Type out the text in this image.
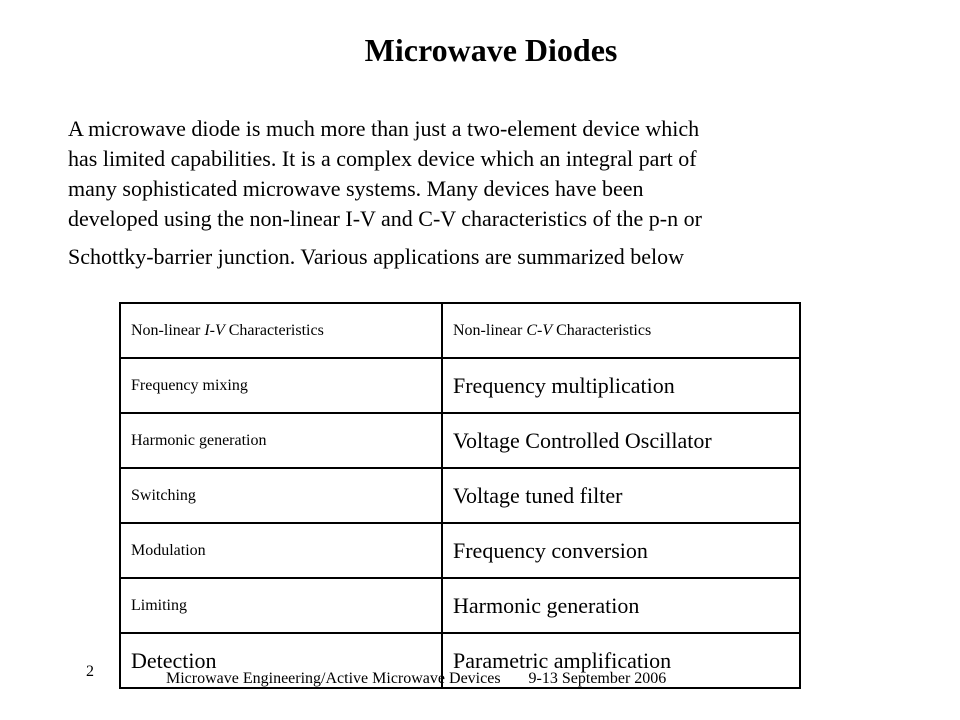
Microwave Diodes
A microwave diode is much more than just a two-element device which
has limited capabilities. It is a complex device which an integral part of
many sophisticated microwave systems. Many devices have been
developed using the non-linear I-V and C-V characteristics of the p-n or
Schottky-barrier junction. Various applications are summarized below
Non-linear I-V Characteristics	Non-linear C-V Characteristics
Frequency mixing	Frequency multiplication
Harmonic generation	Voltage Controlled Oscillator
Switching	Voltage tuned filter
Modulation	Frequency conversion
Limiting	Harmonic generation
Detection	Parametric amplification
2	Microwave Engineering/Active Microwave Devices 9-13 September 2006
